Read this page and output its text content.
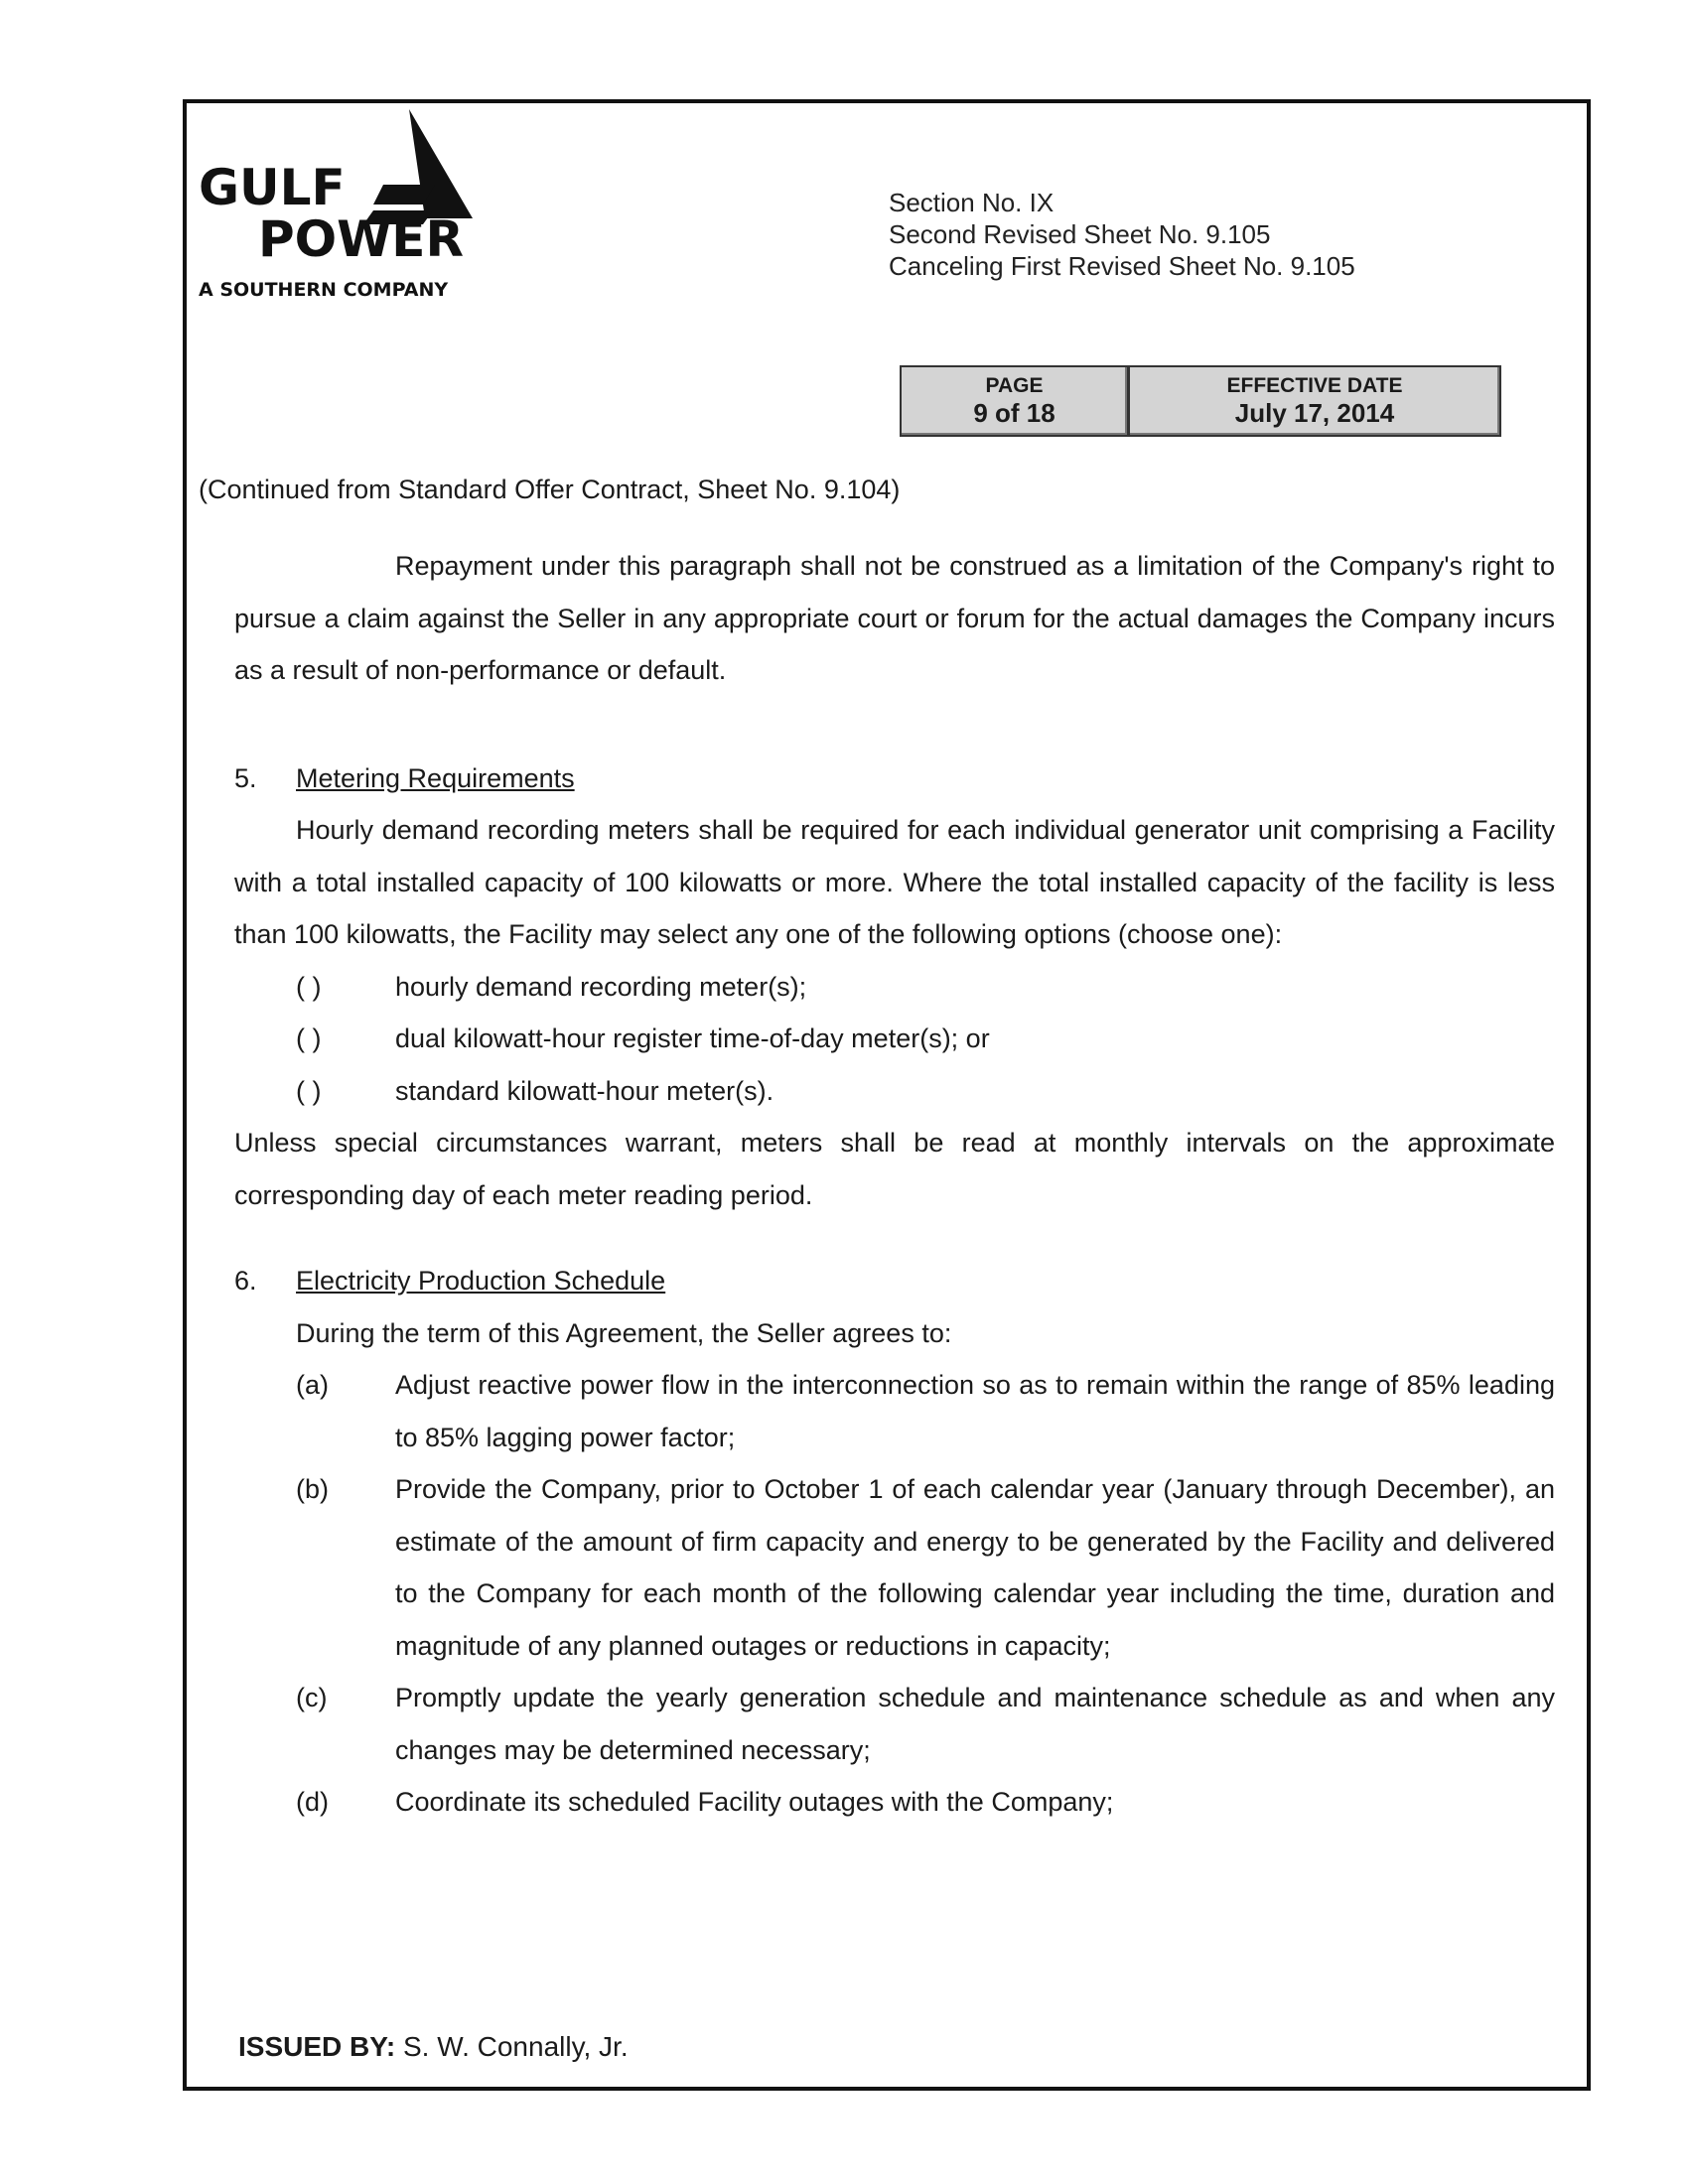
GULF
POWER
A SOUTHERN COMPANY
Section No. IX
Second Revised Sheet No. 9.105
Canceling First Revised Sheet No. 9.105
PAGE
9 of 18
EFFECTIVE DATE
July 17, 2014
(Continued from Standard Offer Contract, Sheet No. 9.104)

Repayment under this paragraph shall not be construed as a limitation of the Company's right to pursue a claim against the Seller in any appropriate court or forum for the actual damages the Company incurs as a result of non-performance or default.

5.	Metering Requirements

Hourly demand recording meters shall be required for each individual generator unit comprising a Facility with a total installed capacity of 100 kilowatts or more. Where the total installed capacity of the facility is less than 100 kilowatts, the Facility may select any one of the following options (choose one):

( )	hourly demand recording meter(s);
( )	dual kilowatt-hour register time-of-day meter(s); or
( )	standard kilowatt-hour meter(s).

Unless special circumstances warrant, meters shall be read at monthly intervals on the approximate corresponding day of each meter reading period.

6.	Electricity Production Schedule

During the term of this Agreement, the Seller agrees to:

(a)	Adjust reactive power flow in the interconnection so as to remain within the range of 85% leading to 85% lagging power factor;
(b)	Provide the Company, prior to October 1 of each calendar year (January through December), an estimate of the amount of firm capacity and energy to be generated by the Facility and delivered to the Company for each month of the following calendar year including the time, duration and magnitude of any planned outages or reductions in capacity;
(c)	Promptly update the yearly generation schedule and maintenance schedule as and when any changes may be determined necessary;
(d)	Coordinate its scheduled Facility outages with the Company;
ISSUED BY: S. W. Connally, Jr.
